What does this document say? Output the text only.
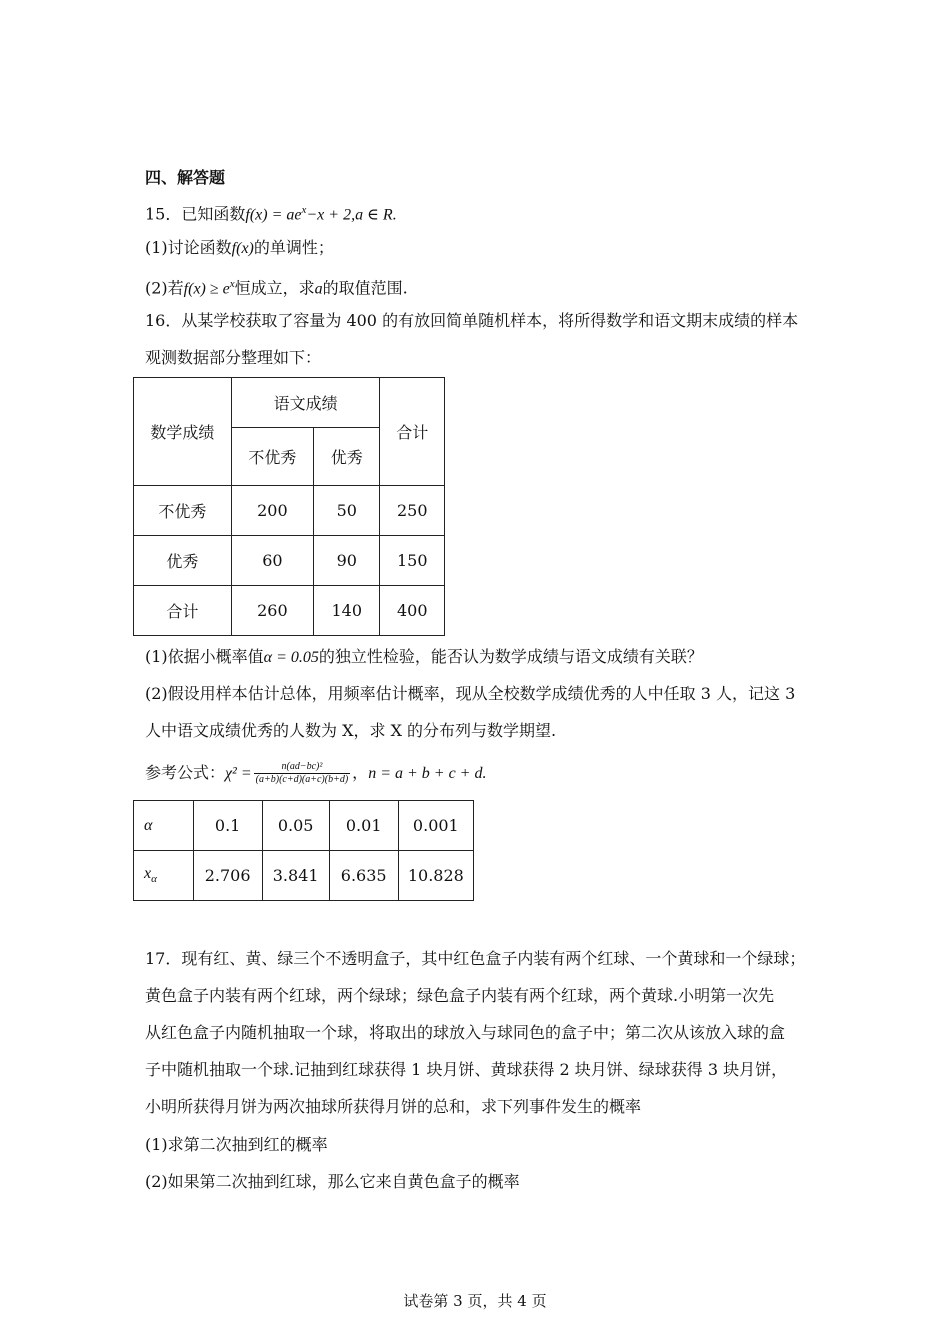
四、解答题
15．已知函数$f(x) = ae^x-x + 2,a$ ∈ R.
(1)讨论函数f(x)的单调性；
(2)若$f(x) \ge e^x$恒成立，求a的取值范围.
16．从某学校获取了容量为 400 的有放回简单随机样本，将所得数学和语文期末成绩的样本
观测数据部分整理如下：
数学成绩	语文成绩		合计
	不优秀	优秀	
不优秀	200	50	250
优秀	60	90	150
合计	260	140	400
(1)依据小概率值α = 0.05的独立性检验，能否认为数学成绩与语文成绩有关联？
(2)假设用样本估计总体，用频率估计概率，现从全校数学成绩优秀的人中任取 3 人，记这 3
人中语文成绩优秀的人数为 X，求 X 的分布列与数学期望.
参考公式：$\chi^2 = \frac{\text{n(ad−bc)²}}{(a+b)(c+d)(a+c)(b+d)}$ ，n = a + b + c + d.
α	0.1	0.05	0.01	0.001
$x_\alpha$	2.706	3.841	6.635	10.828
17．现有红、黄、绿三个不透明盒子，其中红色盒子内装有两个红球、一个黄球和一个绿球；
黄色盒子内装有两个红球，两个绿球；绿色盒子内装有两个红球，两个黄球.小明第一次先
从红色盒子内随机抽取一个球，将取出的球放入与球同色的盒子中；第二次从该放入球的盒
子中随机抽取一个球.记抽到红球获得 1 块月饼、黄球获得 2 块月饼、绿球获得 3 块月饼，
小明所获得月饼为两次抽球所获得月饼的总和，求下列事件发生的概率
(1)求第二次抽到红的概率
(2)如果第二次抽到红球，那么它来自黄色盒子的概率
试卷第 3 页，共 4 页
